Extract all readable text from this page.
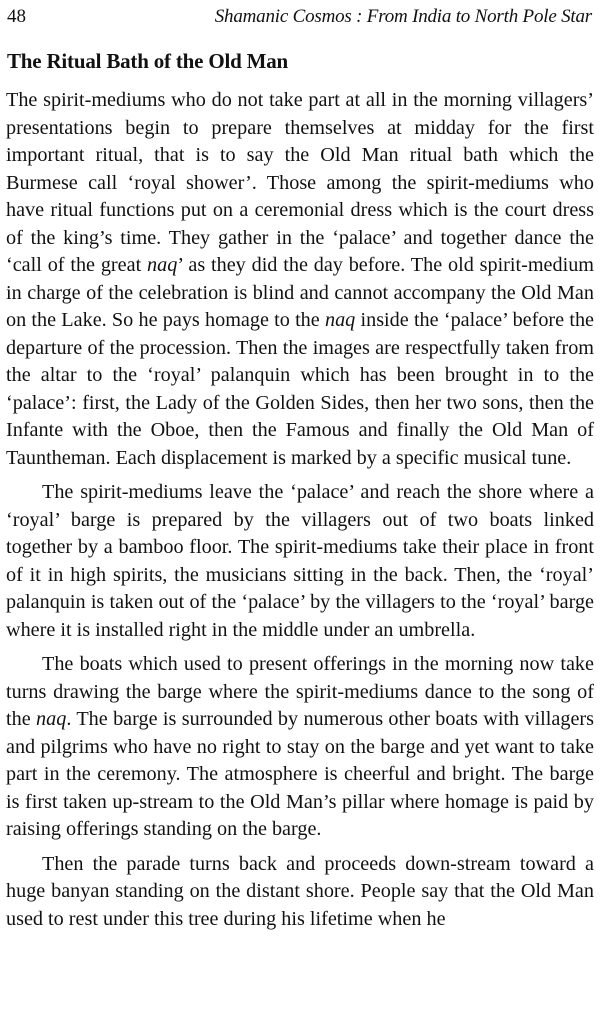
48	Shamanic Cosmos : From India to North Pole Star
The Ritual Bath of the Old Man

The spirit-mediums who do not take part at all in the morning villagers’ presentations begin to prepare themselves at midday for the first important ritual, that is to say the Old Man ritual bath which the Burmese call ‘royal shower’. Those among the spirit-mediums who have ritual functions put on a ceremonial dress which is the court dress of the king’s time. They gather in the ‘palace’ and together dance the ‘call of the great naq’ as they did the day before. The old spirit-medium in charge of the celebration is blind and cannot accompany the Old Man on the Lake. So he pays homage to the naq inside the ‘palace’ before the departure of the procession. Then the images are respectfully taken from the altar to the ‘royal’ palanquin which has been brought in to the ‘palace’: first, the Lady of the Golden Sides, then her two sons, then the Infante with the Oboe, then the Famous and finally the Old Man of Tauntheman. Each displacement is marked by a specific musical tune.

The spirit-mediums leave the ‘palace’ and reach the shore where a ‘royal’ barge is prepared by the villagers out of two boats linked together by a bamboo floor. The spirit-mediums take their place in front of it in high spirits, the musicians sitting in the back. Then, the ‘royal’ palanquin is taken out of the ‘palace’ by the villagers to the ‘royal’ barge where it is installed right in the middle under an umbrella.

The boats which used to present offerings in the morning now take turns drawing the barge where the spirit-mediums dance to the song of the naq. The barge is surrounded by numerous other boats with villagers and pilgrims who have no right to stay on the barge and yet want to take part in the ceremony. The atmosphere is cheerful and bright. The barge is first taken up-stream to the Old Man’s pillar where homage is paid by raising offerings standing on the barge.

Then the parade turns back and proceeds down-stream toward a huge banyan standing on the distant shore. People say that the Old Man used to rest under this tree during his lifetime when he
